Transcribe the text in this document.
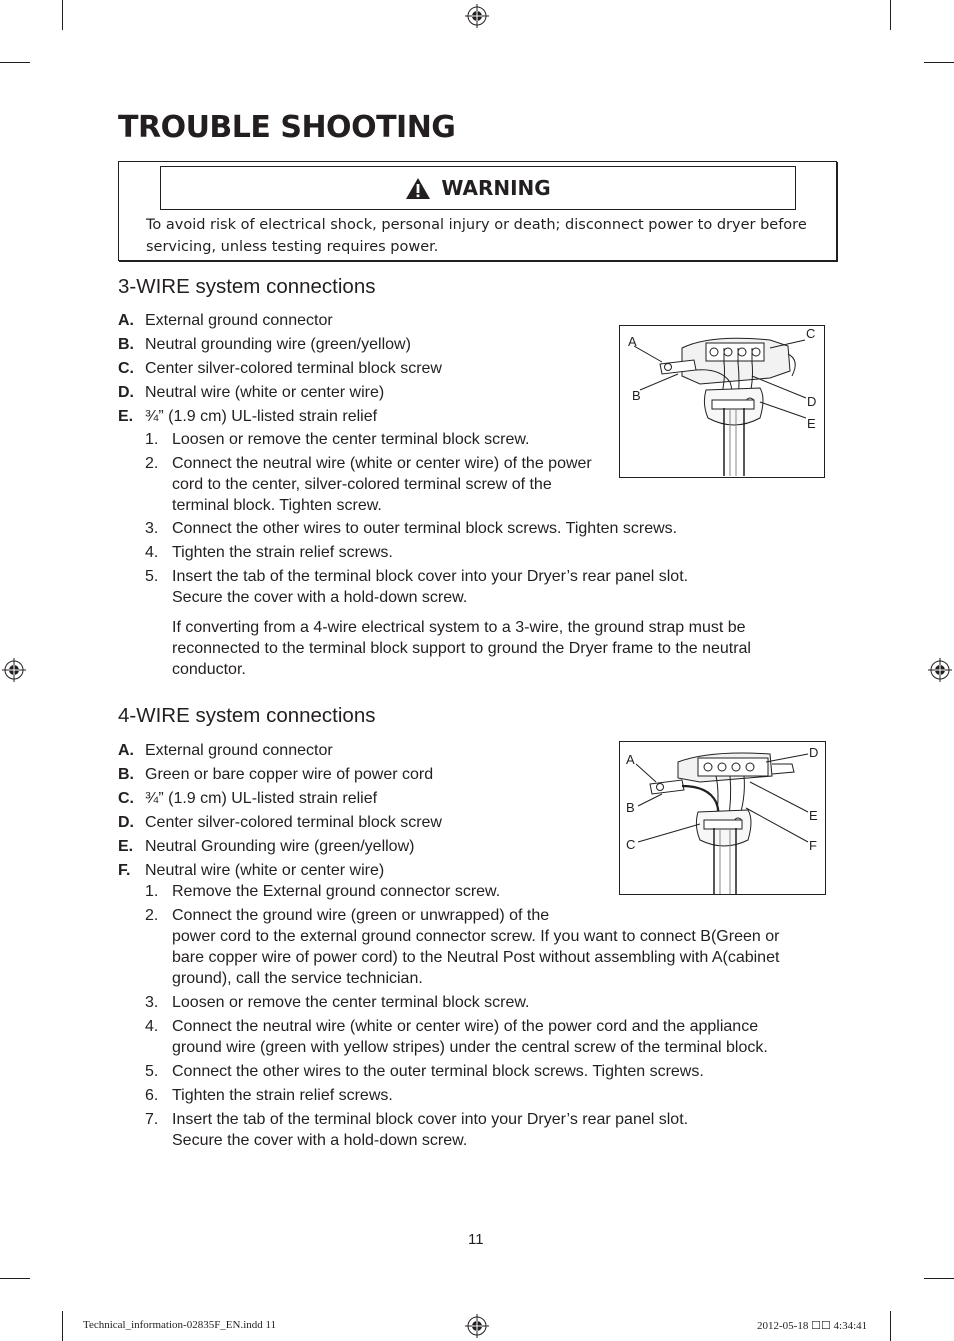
TROUBLE SHOOTING
WARNING
To avoid risk of electrical shock, personal injury or death; disconnect power to dryer before servicing, unless testing requires power.
3-WIRE system connections
A. External ground connector
B. Neutral grounding wire (green/yellow)
C. Center silver-colored terminal block screw
D. Neutral wire (white or center wire)
E. ¾” (1.9 cm) UL-listed strain relief
1. Loosen or remove the center terminal block screw.
2. Connect the neutral wire (white or center wire) of the power
cord to the center, silver-colored terminal screw of the
terminal block. Tighten screw.
3. Connect the other wires to outer terminal block screws. Tighten screws.
4. Tighten the strain relief screws.
5. Insert the tab of the terminal block cover into your Dryer’s rear panel slot.
Secure the cover with a hold-down screw.
If converting from a 4-wire electrical system to a 3-wire, the ground strap must be reconnected to the terminal block support to ground the Dryer frame to the neutral conductor.
A
B
C
D
E
4-WIRE system connections
A. External ground connector
B. Green or bare copper wire of power cord
C. ¾” (1.9 cm) UL-listed strain relief
D. Center silver-colored terminal block screw
E. Neutral Grounding wire (green/yellow)
F. Neutral wire (white or center wire)
1. Remove the External ground connector screw.
2. Connect the ground wire (green or unwrapped) of the
power cord to the external ground connector screw. If you want to connect B(Green or
bare copper wire of power cord) to the Neutral Post without assembling with A(cabinet
ground), call the service technician.
3. Loosen or remove the center terminal block screw.
4. Connect the neutral wire (white or center wire) of the power cord and the appliance
ground wire (green with yellow stripes) under the central screw of the terminal block.
5. Connect the other wires to the outer terminal block screws. Tighten screws.
6. Tighten the strain relief screws.
7. Insert the tab of the terminal block cover into your Dryer’s rear panel slot.
Secure the cover with a hold-down screw.
A
B
C
D
E
F
11
Technical_information-02835F_EN.indd 11	2012-05-18 ☐☐ 4:34:41
